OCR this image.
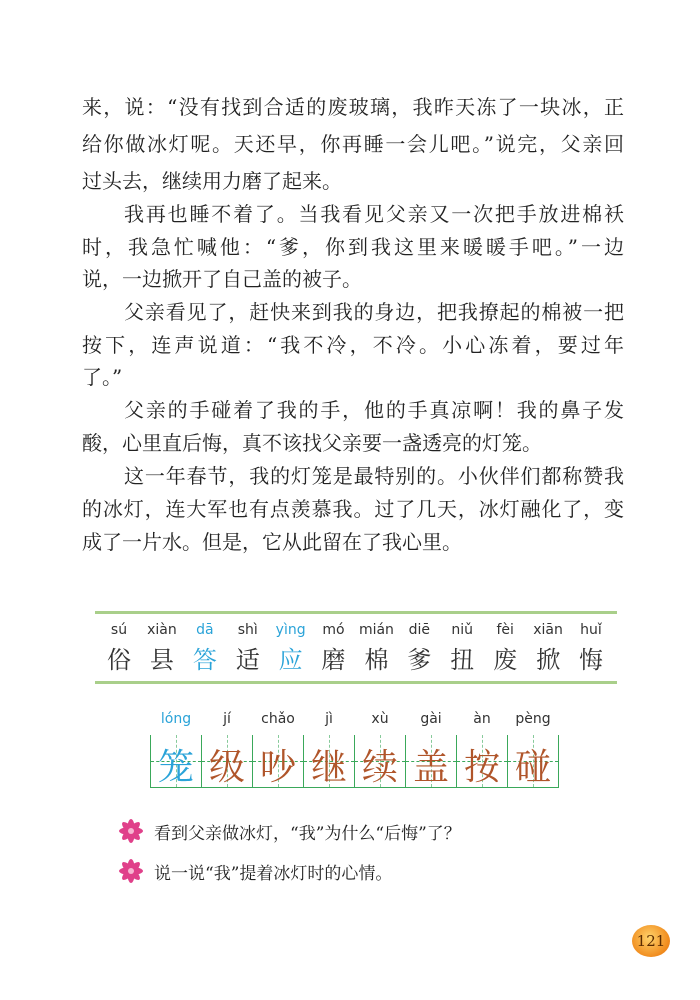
来，说：“没有找到合适的废玻璃，我昨天冻了一块冰，正
给你做冰灯呢。天还早，你再睡一会儿吧。”说完，父亲回
过头去，继续用力磨了起来。
我再也睡不着了。当我看见父亲又一次把手放进棉袄
时，我急忙喊他：“爹，你到我这里来暖暖手吧。”一边
说，一边掀开了自己盖的被子。
父亲看见了，赶快来到我的身边，把我撩起的棉被一把
按下，连声说道：“我不冷，不冷。小心冻着，要过年
了。”
父亲的手碰着了我的手，他的手真凉啊！我的鼻子发
酸，心里直后悔，真不该找父亲要一盏透亮的灯笼。
这一年春节，我的灯笼是最特别的。小伙伴们都称赞我
的冰灯，连大军也有点羡慕我。过了几天，冰灯融化了，变
成了一片水。但是，它从此留在了我心里。
sú
俗
xiàn
县
dā
答
shì
适
yìng
应
mó
磨
mián
棉
diē
爹
niǔ
扭
fèi
废
xiān
掀
huǐ
悔
lóng
笼
jí
级
chǎo
吵
jì
继
xù
续
gài
盖
àn
按
pèng
碰
看到父亲做冰灯，“我”为什么“后悔”了？
说一说“我”提着冰灯时的心情。
121
